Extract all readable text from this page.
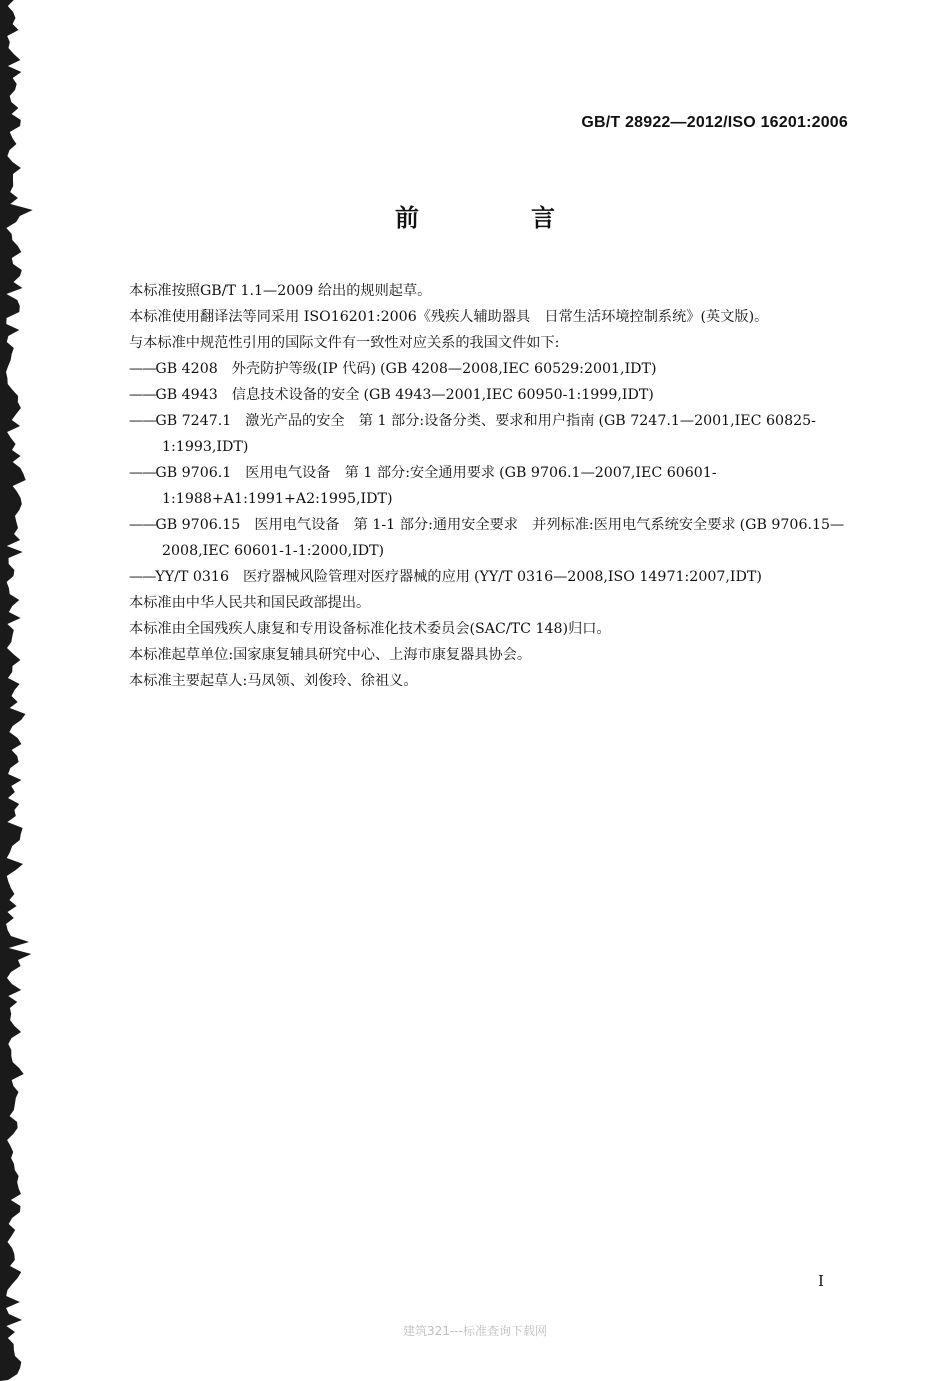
GB/T 28922—2012/ISO 16201:2006
前　言

本标准按照GB/T 1.1—2009 给出的规则起草。

本标准使用翻译法等同采用 ISO16201:2006《残疾人辅助器具　日常生活环境控制系统》(英文版)。

与本标准中规范性引用的国际文件有一致性对应关系的我国文件如下:

——GB 4208 外壳防护等级(IP 代码) (GB 4208—2008,IEC 60529:2001,IDT)

——GB 4943 信息技术设备的安全 (GB 4943—2001,IEC 60950-1:1999,IDT)

——GB 7247.1 激光产品的安全　第 1 部分:设备分类、要求和用户指南 (GB 7247.1—2001,IEC 60825-1:1993,IDT)

——GB 9706.1 医用电气设备　第 1 部分:安全通用要求 (GB 9706.1—2007,IEC 60601-1:1988+A1:1991+A2:1995,IDT)

——GB 9706.15 医用电气设备　第 1-1 部分:通用安全要求　并列标准:医用电气系统安全要求 (GB 9706.15—2008,IEC 60601-1-1:2000,IDT)

——YY/T 0316 医疗器械风险管理对医疗器械的应用 (YY/T 0316—2008,ISO 14971:2007,IDT)

本标准由中华人民共和国民政部提出。

本标准由全国残疾人康复和专用设备标准化技术委员会(SAC/TC 148)归口。

本标准起草单位:国家康复辅具研究中心、上海市康复器具协会。

本标准主要起草人:马凤领、刘俊玲、徐祖义。

I
建筑321---标准查询下载网
